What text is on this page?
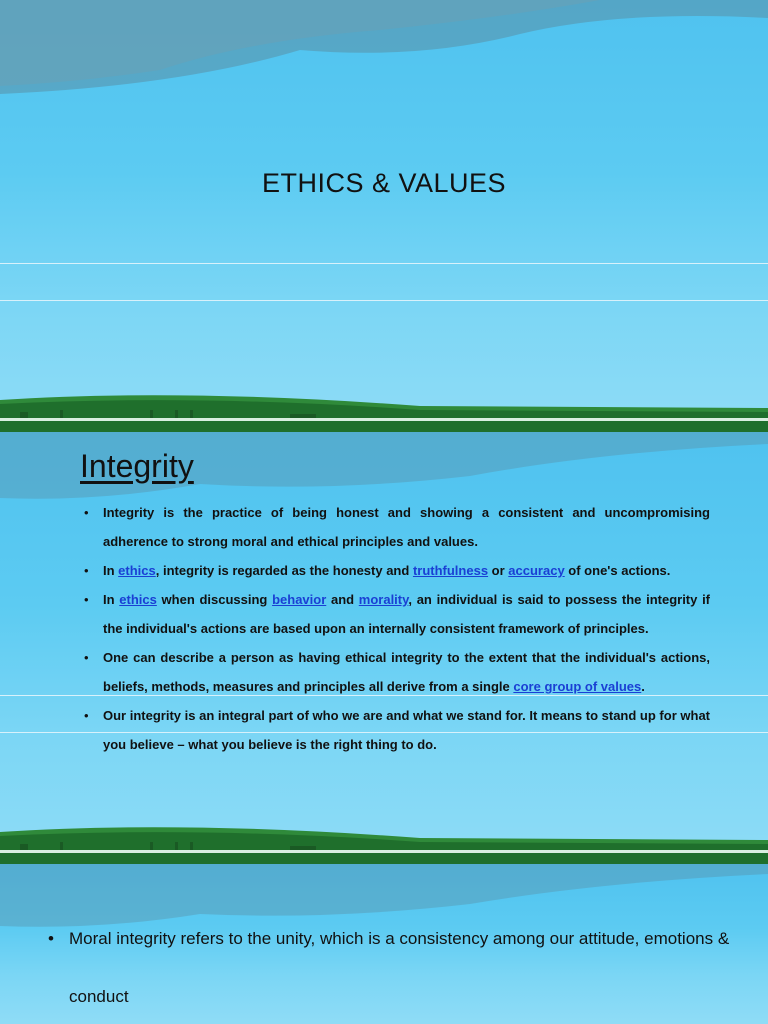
ETHICS & VALUES
Integrity
• Integrity is the practice of being honest and showing a consistent and uncompromising adherence to strong moral and ethical principles and values.
• In ethics, integrity is regarded as the honesty and truthfulness or accuracy of one's actions.
• In ethics when discussing behavior and morality, an individual is said to possess the integrity if the individual's actions are based upon an internally consistent framework of principles.
• One can describe a person as having ethical integrity to the extent that the individual's actions, beliefs, methods, measures and principles all derive from a single core group of values.
• Our integrity is an integral part of who we are and what we stand for. It means to stand up for what you believe – what you believe is the right thing to do.
• Moral integrity refers to the unity, which is a consistency among our attitude, emotions & conduct
